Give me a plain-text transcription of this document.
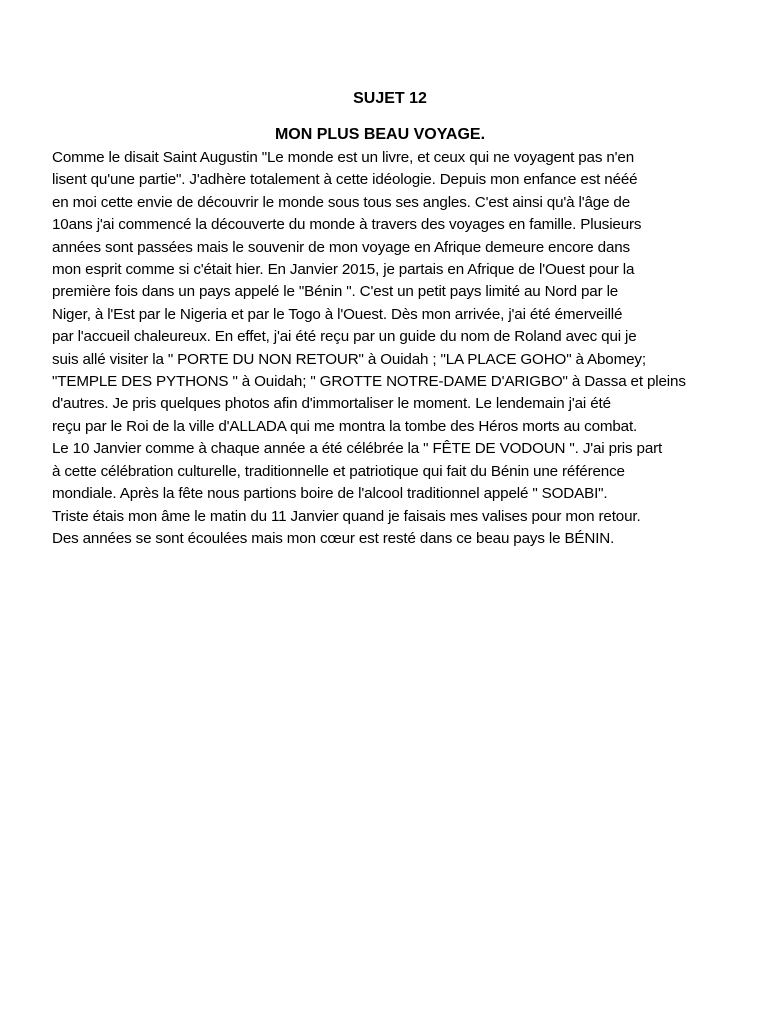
SUJET 12
MON PLUS BEAU VOYAGE.
Comme le disait Saint Augustin "Le monde est un livre, et ceux qui ne voyagent pas n'en
lisent qu'une partie". J'adhère totalement à cette idéologie. Depuis mon enfance est nééé
en moi cette envie de découvrir le monde sous tous ses angles. C'est ainsi qu'à l'âge de
10ans j'ai commencé la découverte du monde à travers des voyages en famille. Plusieurs
années sont passées mais le souvenir de mon voyage en Afrique demeure encore dans
mon esprit comme si c'était hier. En Janvier 2015, je partais en Afrique de l'Ouest pour la
première fois dans un pays appelé le "Bénin ". C'est un petit pays limité au Nord par le
Niger, à l'Est par le Nigeria et par le Togo à l'Ouest. Dès mon arrivée, j'ai été émerveillé
par l'accueil chaleureux. En effet, j'ai été reçu par un guide du nom de Roland avec qui je
suis allé visiter la " PORTE DU NON RETOUR" à Ouidah ; "LA PLACE GOHO" à Abomey;
"TEMPLE DES PYTHONS " à Ouidah; " GROTTE NOTRE-DAME D'ARIGBO" à Dassa et pleins
d'autres. Je pris quelques photos afin d'immortaliser le moment. Le lendemain j'ai été
reçu par le Roi de la ville d'ALLADA qui me montra la tombe des Héros morts au combat.
Le 10 Janvier comme à chaque année a été célébrée la " FÊTE DE VODOUN ". J'ai pris part
à cette célébration culturelle, traditionnelle et patriotique qui fait du Bénin une référence
mondiale. Après la fête nous partions boire de l'alcool traditionnel appelé " SODABI".
Triste étais mon âme le matin du 11 Janvier quand je faisais mes valises pour mon retour.
Des années se sont écoulées mais mon cœur est resté dans ce beau pays le BÉNIN.
